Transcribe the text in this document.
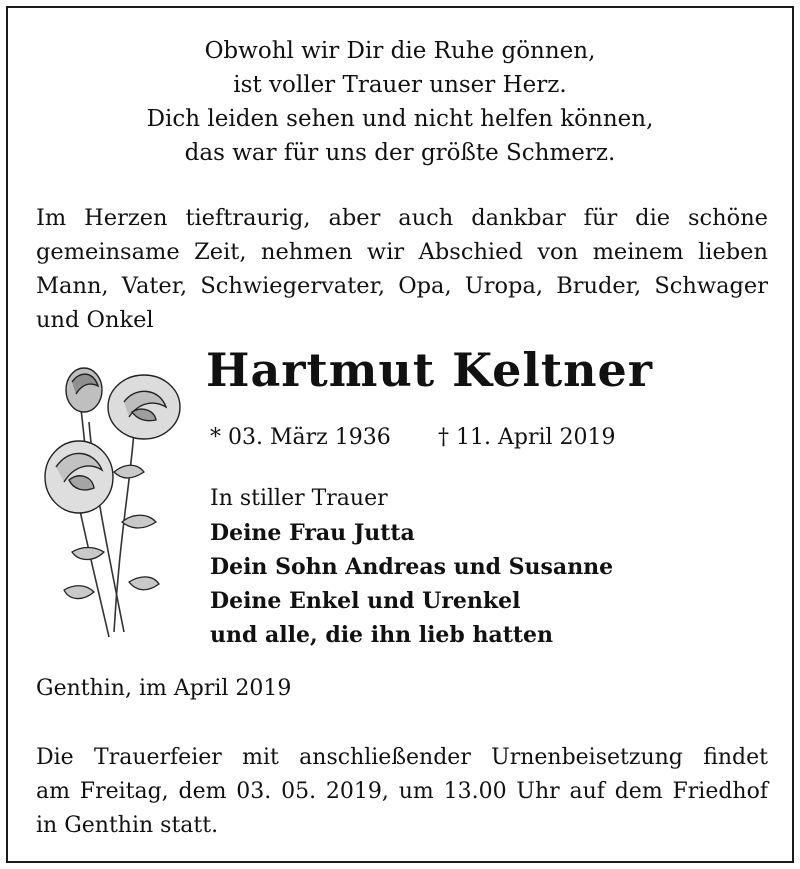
Obwohl wir Dir die Ruhe gönnen,
ist voller Trauer unser Herz.
Dich leiden sehen und nicht helfen können,
das war für uns der größte Schmerz.
Im Herzen tieftraurig, aber auch dankbar für die schöne
gemeinsame Zeit, nehmen wir Abschied von meinem lieben
Mann, Vater, Schwiegervater, Opa, Uropa, Bruder, Schwager
und Onkel
Hartmut Keltner
* 03. März 1936 † 11. April 2019
In stiller Trauer
Deine Frau Jutta
Dein Sohn Andreas und Susanne
Deine Enkel und Urenkel
und alle, die ihn lieb hatten
Genthin, im April 2019
Die Trauerfeier mit anschließender Urnenbeisetzung findet
am Freitag, dem 03. 05. 2019, um 13.00 Uhr auf dem Friedhof
in Genthin statt.
